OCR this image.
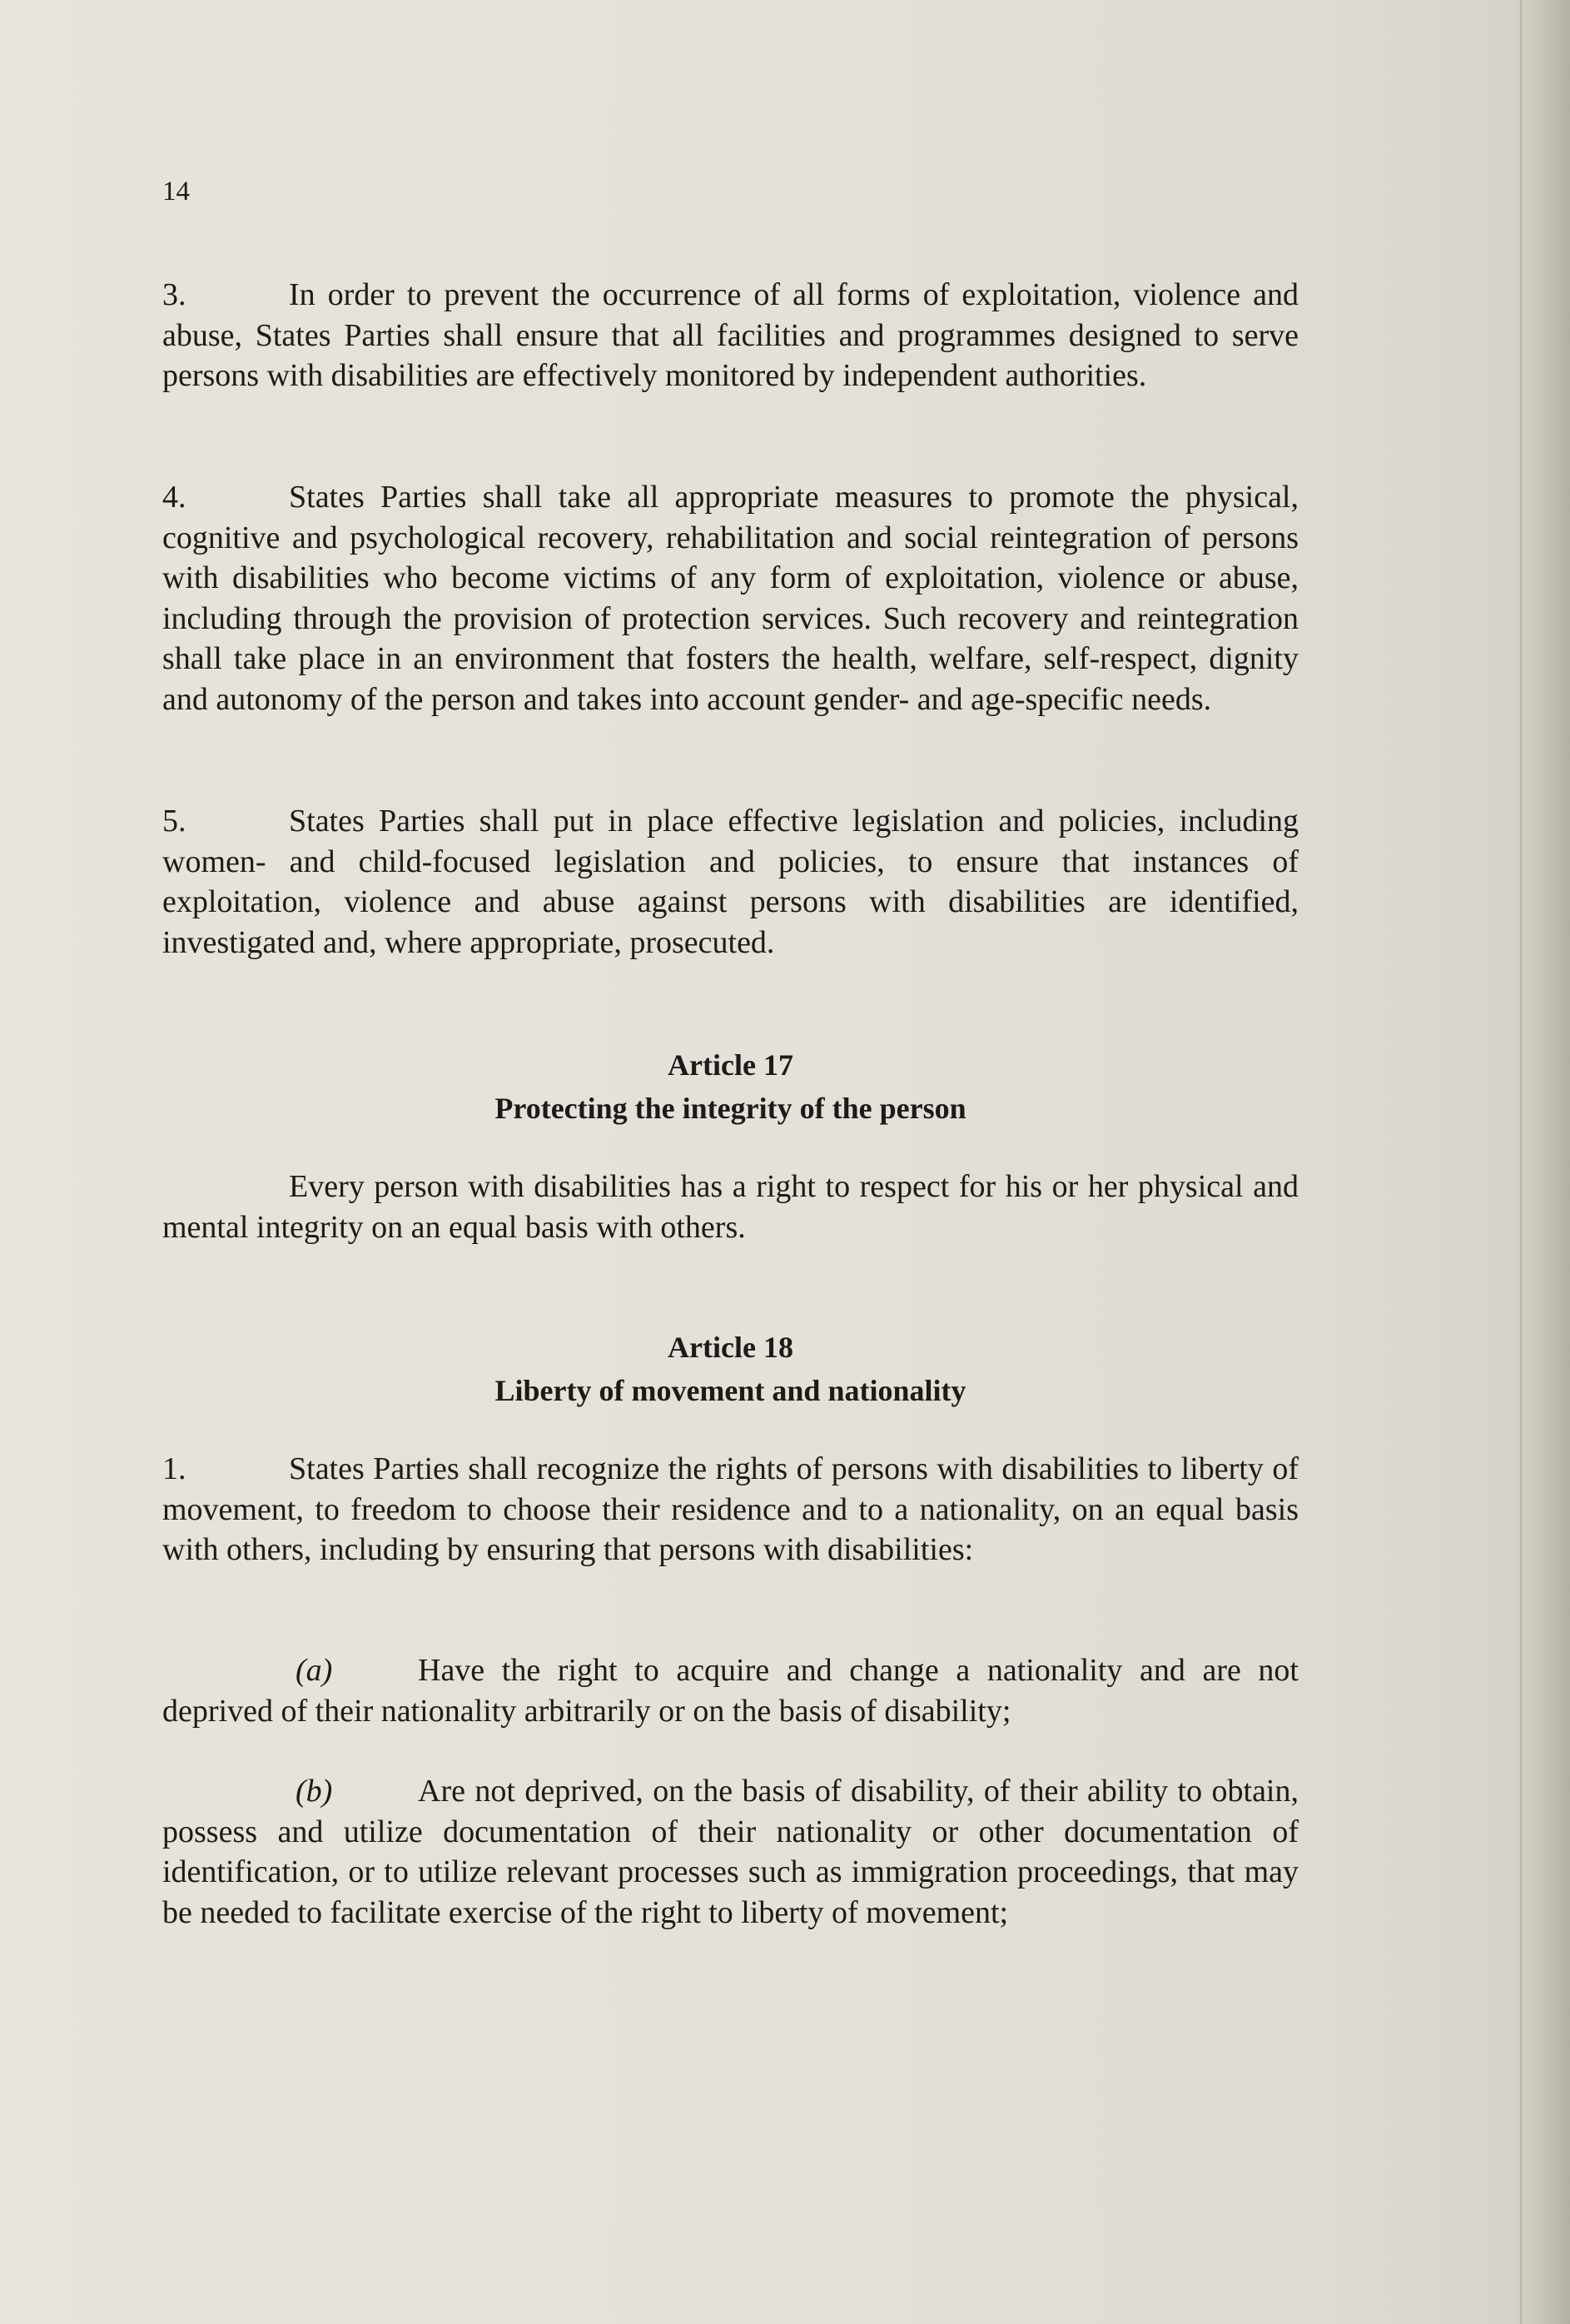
14

3.	In order to prevent the occurrence of all forms of exploitation, violence and abuse, States Parties shall ensure that all facilities and programmes designed to serve persons with disabilities are effectively monitored by independent authorities.

4.	States Parties shall take all appropriate measures to promote the physical, cognitive and psychological recovery, rehabilitation and social reintegration of persons with disabilities who become victims of any form of exploitation, violence or abuse, including through the provision of protection services. Such recovery and reintegration shall take place in an environment that fosters the health, welfare, self-respect, dignity and autonomy of the person and takes into account gender- and age-specific needs.

5.	States Parties shall put in place effective legislation and policies, including women- and child-focused legislation and policies, to ensure that instances of exploitation, violence and abuse against persons with disabilities are identified, investigated and, where appropriate, prosecuted.

Article 17
Protecting the integrity of the person

Every person with disabilities has a right to respect for his or her physical and mental integrity on an equal basis with others.

Article 18
Liberty of movement and nationality

1.	States Parties shall recognize the rights of persons with disabilities to liberty of movement, to freedom to choose their residence and to a nationality, on an equal basis with others, including by ensuring that persons with disabilities:

(a)	Have the right to acquire and change a nationality and are not deprived of their nationality arbitrarily or on the basis of disability;

(b)	Are not deprived, on the basis of disability, of their ability to obtain, possess and utilize documentation of their nationality or other documentation of identification, or to utilize relevant processes such as immigration proceedings, that may be needed to facilitate exercise of the right to liberty of movement;
